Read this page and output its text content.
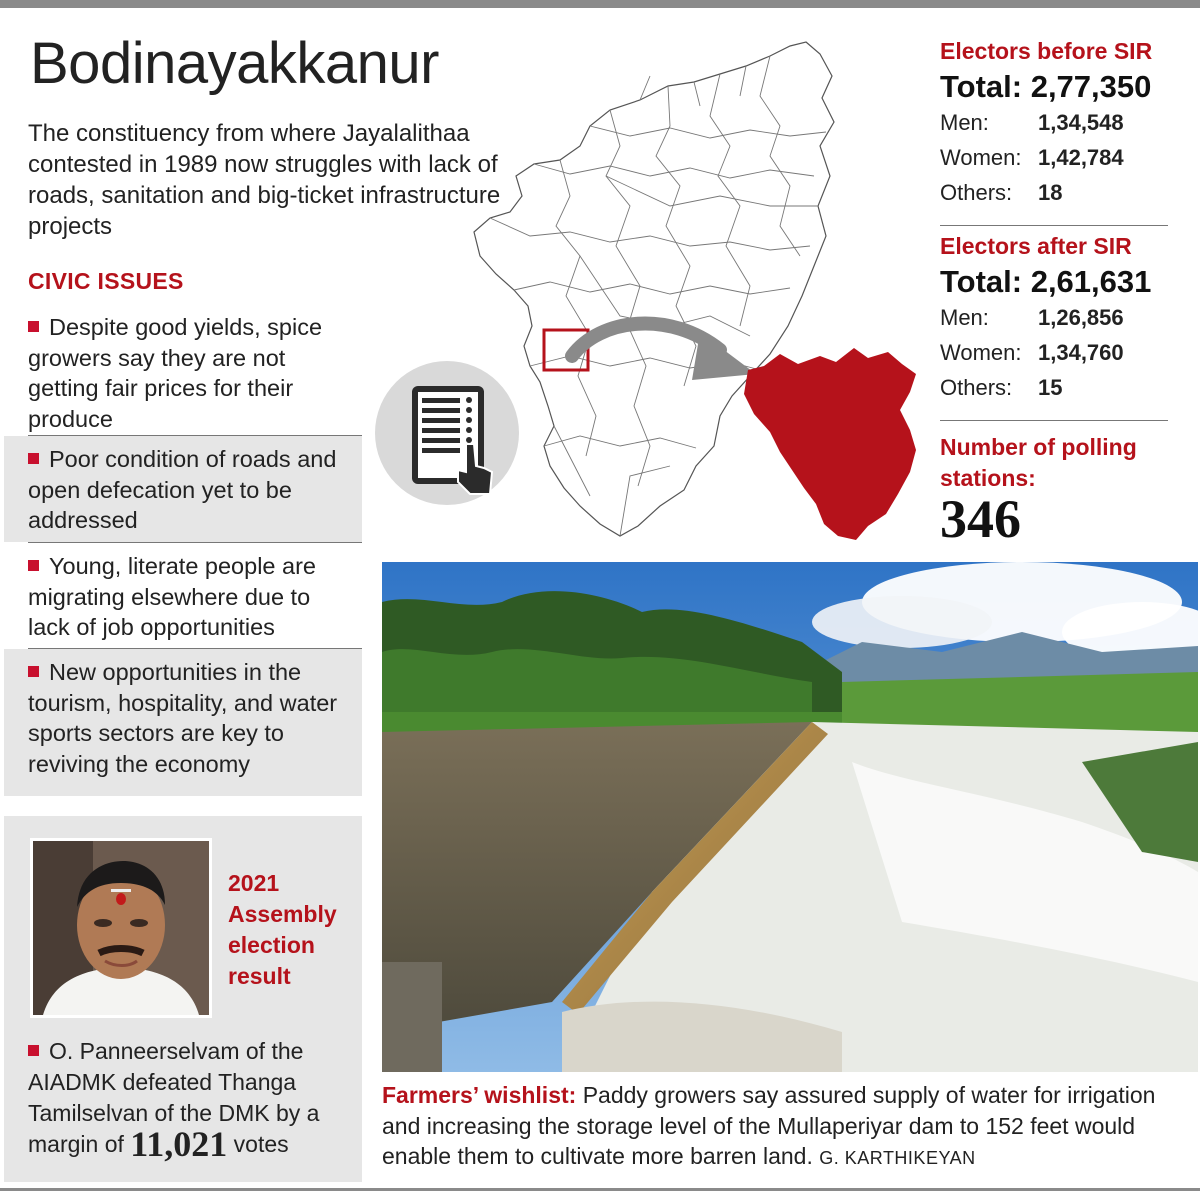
Bodinayakkanur

The constituency from where Jayalalithaa contested in 1989 now struggles with lack of roads, sanitation and big-ticket infrastructure projects

CIVIC ISSUES
Despite good yields, spice growers say they are not getting fair prices for their produce
Poor condition of roads and open defecation yet to be addressed
Young, literate people are migrating elsewhere due to lack of job opportunities
New opportunities in the tourism, hospitality, and water sports sectors are key to reviving the economy
2021 Assembly election result
O. Panneerselvam of the AIADMK defeated Thanga Tamilselvan of the DMK by a margin of 11,021 votes
Electors before SIR
Total: 2,77,350
Men: 1,34,548
Women: 1,42,784
Others: 18
Electors after SIR
Total: 2,61,631
Men: 1,26,856
Women: 1,34,760
Others: 15
Number of polling stations:
346
Farmers’ wishlist: Paddy growers say assured supply of water for irrigation and increasing the storage level of the Mullaperiyar dam to 152 feet would enable them to cultivate more barren land. G. KARTHIKEYAN
